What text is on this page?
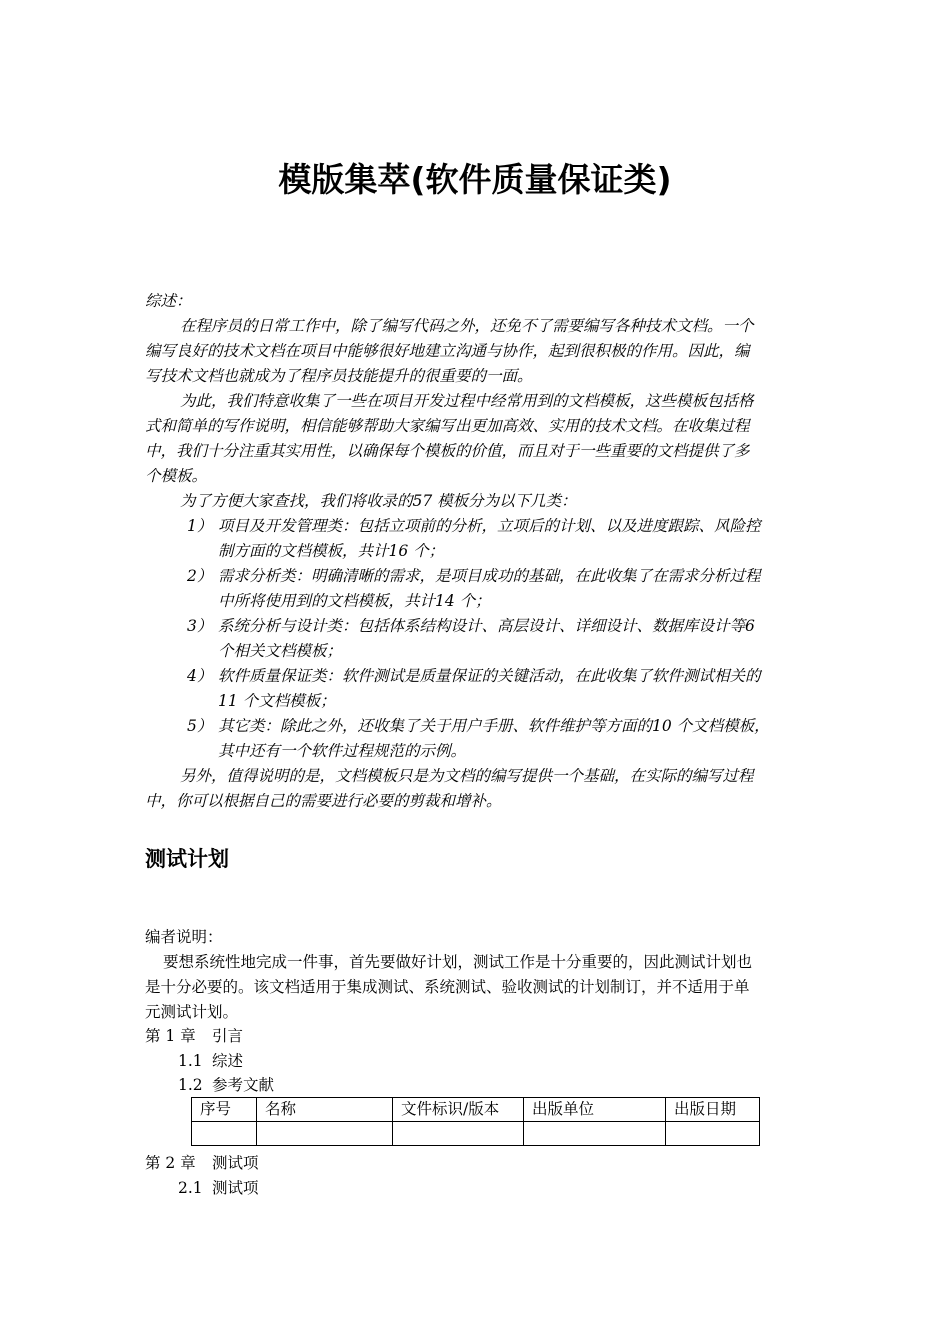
模版集萃(软件质量保证类)
综述：
在程序员的日常工作中，除了编写代码之外，还免不了需要编写各种技术文档。一个
编写良好的技术文档在项目中能够很好地建立沟通与协作，起到很积极的作用。因此，编
写技术文档也就成为了程序员技能提升的很重要的一面。
为此，我们特意收集了一些在项目开发过程中经常用到的文档模板，这些模板包括格
式和简单的写作说明，相信能够帮助大家编写出更加高效、实用的技术文档。在收集过程
中，我们十分注重其实用性，以确保每个模板的价值，而且对于一些重要的文档提供了多
个模板。
为了方便大家查找，我们将收录的57 模板分为以下几类：
1） 项目及开发管理类：包括立项前的分析，立项后的计划、以及进度跟踪、风险控
制方面的文档模板，共计16 个；
2） 需求分析类：明确清晰的需求，是项目成功的基础，在此收集了在需求分析过程
中所将使用到的文档模板，共计14 个；
3） 系统分析与设计类：包括体系结构设计、高层设计、详细设计、数据库设计等6
个相关文档模板；
4） 软件质量保证类：软件测试是质量保证的关键活动，在此收集了软件测试相关的
11 个文档模板；
5） 其它类：除此之外，还收集了关于用户手册、软件维护等方面的10 个文档模板，
其中还有一个软件过程规范的示例。
另外，值得说明的是，文档模板只是为文档的编写提供一个基础，在实际的编写过程
中，你可以根据自己的需要进行必要的剪裁和增补。
测试计划
编者说明：
要想系统性地完成一件事，首先要做好计划，测试工作是十分重要的，因此测试计划也
是十分必要的。该文档适用于集成测试、系统测试、验收测试的计划制订，并不适用于单
元测试计划。
第 1 章 引言
1.1 综述
1.2 参考文献
序号	名称	文件标识/版本	出版单位	出版日期

第 2 章 测试项
2.1 测试项
